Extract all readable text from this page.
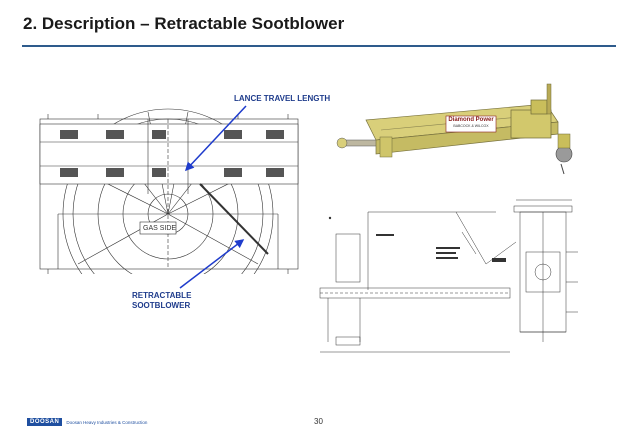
2. Description – Retractable Sootblower
GAS SIDE
LANCE TRAVEL LENGTH
RETRACTABLE
SOOTBLOWER
Diamond Power
BABCOCK & WILCOX
DOOSAN	Doosan Heavy Industries & Construction	30
